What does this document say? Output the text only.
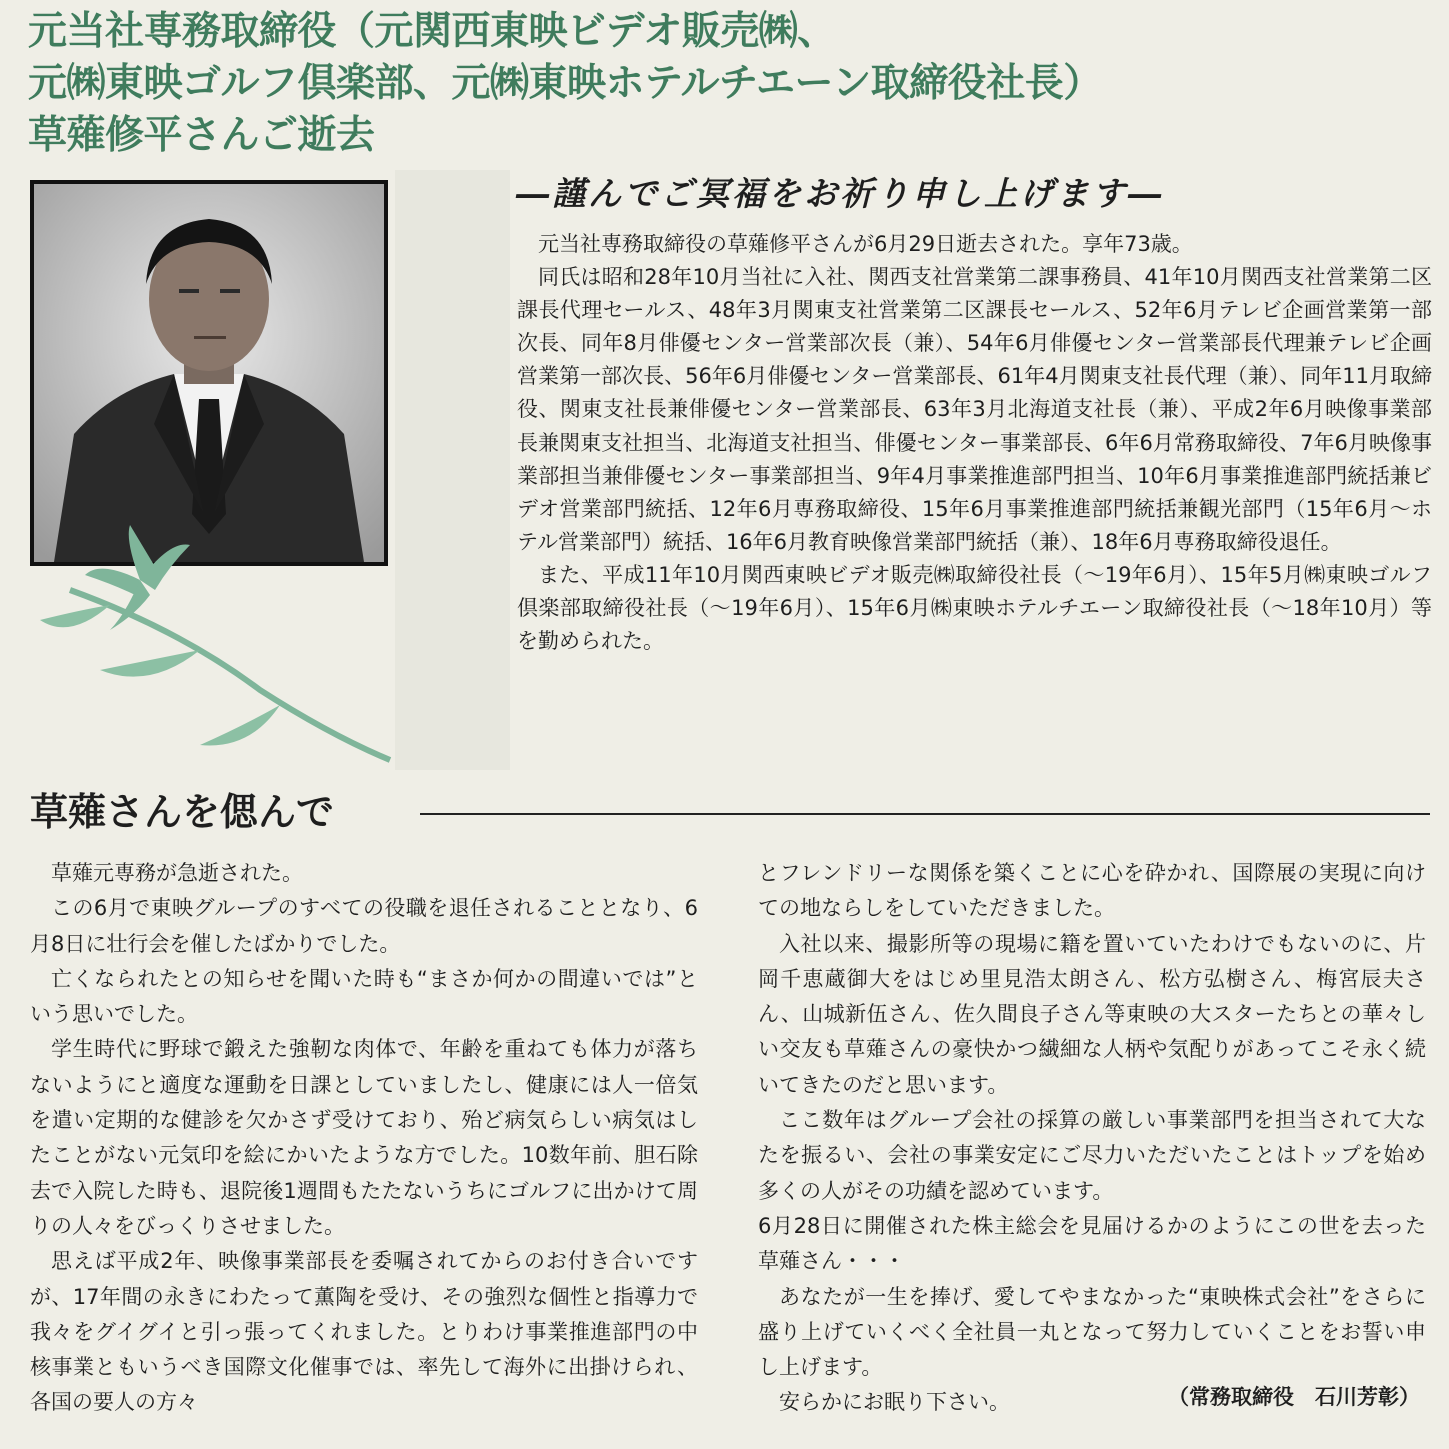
元当社専務取締役（元関西東映ビデオ販売㈱、
元㈱東映ゴルフ倶楽部、元㈱東映ホテルチエーン取締役社長）
草薙修平さんご逝去
―謹んでご冥福をお祈り申し上げます―

元当社専務取締役の草薙修平さんが6月29日逝去された。享年73歳。

同氏は昭和28年10月当社に入社、関西支社営業第二課事務員、41年10月関西支社営業第二区課長代理セールス、48年3月関東支社営業第二区課長セールス、52年6月テレビ企画営業第一部次長、同年8月俳優センター営業部次長（兼）、54年6月俳優センター営業部長代理兼テレビ企画営業第一部次長、56年6月俳優センター営業部長、61年4月関東支社長代理（兼）、同年11月取締役、関東支社長兼俳優センター営業部長、63年3月北海道支社長（兼）、平成2年6月映像事業部長兼関東支社担当、北海道支社担当、俳優センター事業部長、6年6月常務取締役、7年6月映像事業部担当兼俳優センター事業部担当、9年4月事業推進部門担当、10年6月事業推進部門統括兼ビデオ営業部門統括、12年6月専務取締役、15年6月事業推進部門統括兼観光部門（15年6月～ホテル営業部門）統括、16年6月教育映像営業部門統括（兼）、18年6月専務取締役退任。

また、平成11年10月関西東映ビデオ販売㈱取締役社長（～19年6月）、15年5月㈱東映ゴルフ倶楽部取締役社長（～19年6月）、15年6月㈱東映ホテルチエーン取締役社長（～18年10月）等を勤められた。

草薙さんを偲んで

草薙元専務が急逝された。

この6月で東映グループのすべての役職を退任されることとなり、6月8日に壮行会を催したばかりでした。

亡くなられたとの知らせを聞いた時も“まさか何かの間違いでは”という思いでした。

学生時代に野球で鍛えた強靭な肉体で、年齢を重ねても体力が落ちないようにと適度な運動を日課としていましたし、健康には人一倍気を遣い定期的な健診を欠かさず受けており、殆ど病気らしい病気はしたことがない元気印を絵にかいたような方でした。10数年前、胆石除去で入院した時も、退院後1週間もたたないうちにゴルフに出かけて周りの人々をびっくりさせました。

思えば平成2年、映像事業部長を委嘱されてからのお付き合いですが、17年間の永きにわたって薫陶を受け、その強烈な個性と指導力で我々をグイグイと引っ張ってくれました。とりわけ事業推進部門の中核事業ともいうべき国際文化催事では、率先して海外に出掛けられ、各国の要人の方々

とフレンドリーな関係を築くことに心を砕かれ、国際展の実現に向けての地ならしをしていただきました。

入社以来、撮影所等の現場に籍を置いていたわけでもないのに、片岡千恵蔵御大をはじめ里見浩太朗さん、松方弘樹さん、梅宮辰夫さん、山城新伍さん、佐久間良子さん等東映の大スターたちとの華々しい交友も草薙さんの豪快かつ繊細な人柄や気配りがあってこそ永く続いてきたのだと思います。

ここ数年はグループ会社の採算の厳しい事業部門を担当されて大なたを振るい、会社の事業安定にご尽力いただいたことはトップを始め多くの人がその功績を認めています。

6月28日に開催された株主総会を見届けるかのようにこの世を去った草薙さん・・・

あなたが一生を捧げ、愛してやまなかった“東映株式会社”をさらに盛り上げていくべく全社員一丸となって努力していくことをお誓い申し上げます。

安らかにお眠り下さい。	（常務取締役　石川芳彰）
